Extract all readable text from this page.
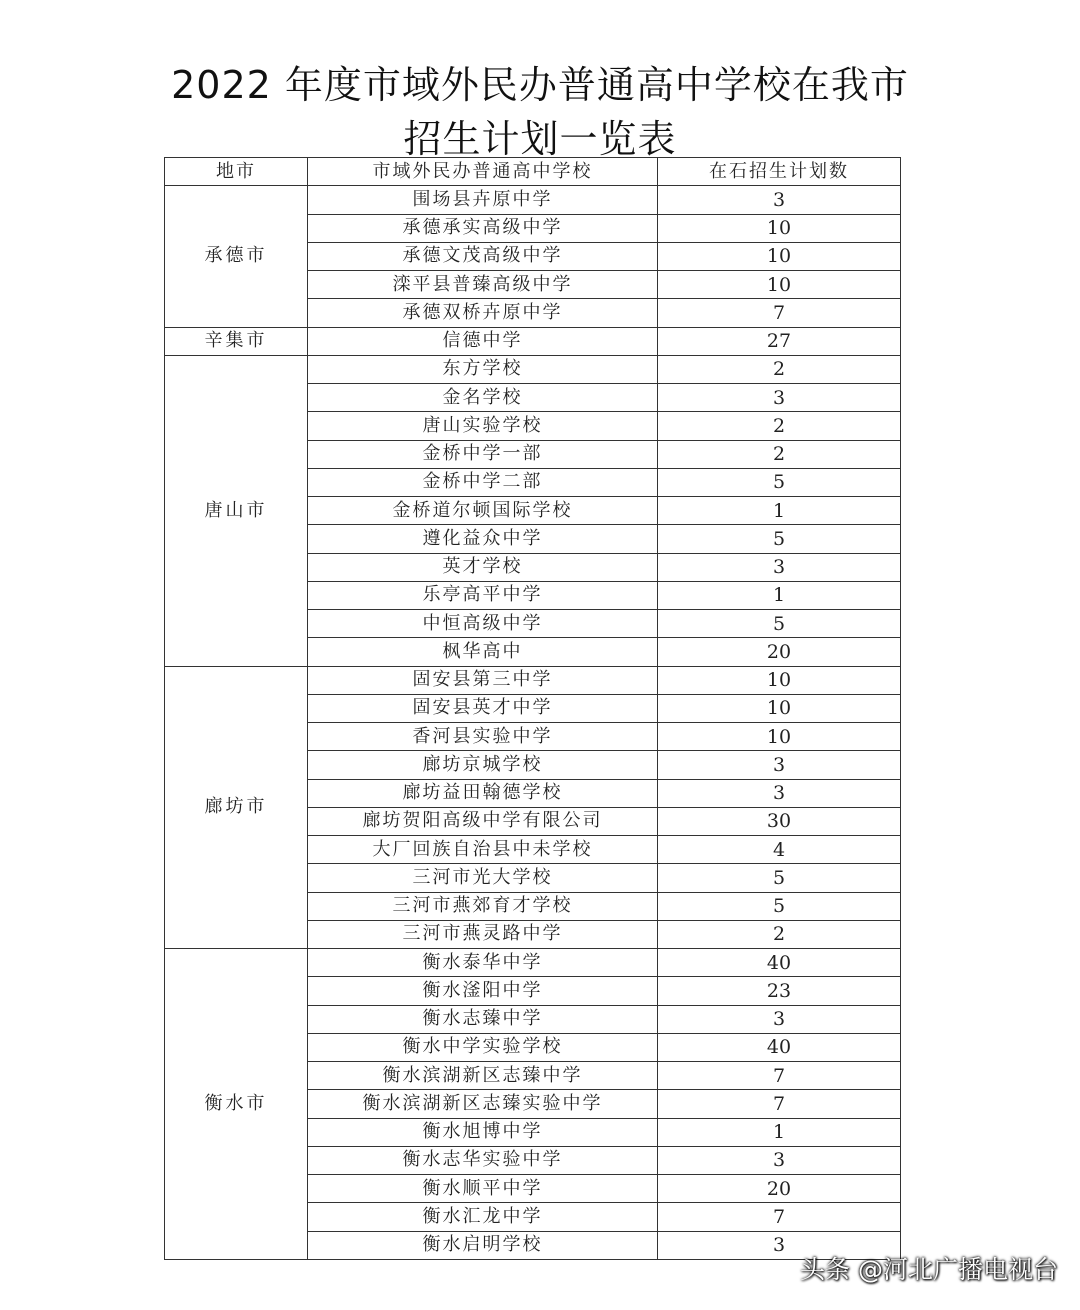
2022 年度市域外民办普通高中学校在我市
招生计划一览表
地市	市域外民办普通高中学校	在石招生计划数
承德市	围场县卉原中学	3
	承德承实高级中学	10
	承德文茂高级中学	10
	滦平县普臻高级中学	10
	承德双桥卉原中学	7
辛集市	信德中学	27
唐山市	东方学校	2
	金名学校	3
	唐山实验学校	2
	金桥中学一部	2
	金桥中学二部	5
	金桥道尔顿国际学校	1
	遵化益众中学	5
	英才学校	3
	乐亭高平中学	1
	中恒高级中学	5
	枫华高中	20
廊坊市	固安县第三中学	10
	固安县英才中学	10
	香河县实验中学	10
	廊坊京城学校	3
	廊坊益田翰德学校	3
	廊坊贺阳高级中学有限公司	30
	大厂回族自治县中未学校	4
	三河市光大学校	5
	三河市燕郊育才学校	5
	三河市燕灵路中学	2
衡水市	衡水泰华中学	40
	衡水滏阳中学	23
	衡水志臻中学	3
	衡水中学实验学校	40
	衡水滨湖新区志臻中学	7
	衡水滨湖新区志臻实验中学	7
	衡水旭博中学	1
	衡水志华实验中学	3
	衡水顺平中学	20
	衡水汇龙中学	7
	衡水启明学校	3
头条 @河北广播电视台
